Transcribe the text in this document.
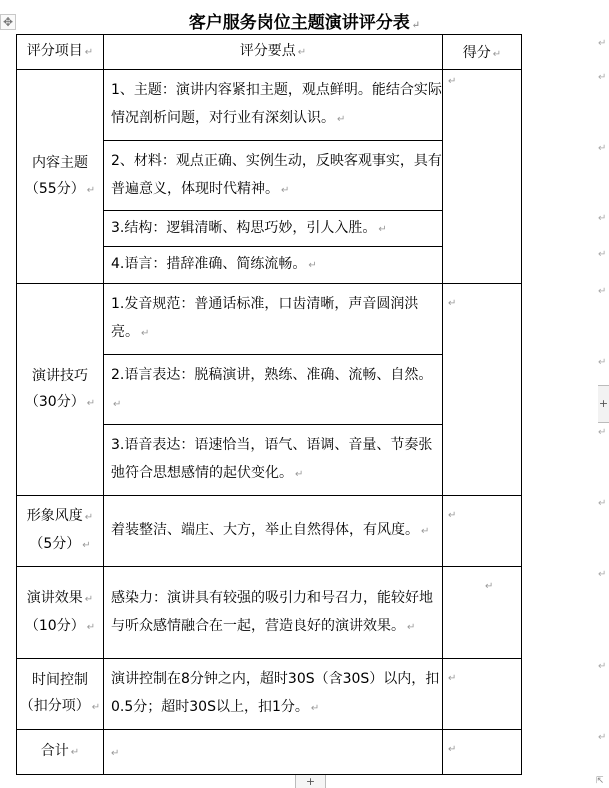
客户服务岗位主题演讲评分表 ↵
✥
评分项目 ↵	评分要点 ↵	得分 ↵

内容主题
（55分） ↵	1、主题：演讲内容紧扣主题，观点鲜明。能结合实际情况剖析问题，对行业有深刻认识。 ↵	↵

	2、材料：观点正确、实例生动，反映客观事实，具有普遍意义，体现时代精神。 ↵	
	3.结构：逻辑清晰、构思巧妙，引人入胜。 ↵	
	4.语言：措辞准确、简练流畅。 ↵	

演讲技巧
（30分） ↵	1.发音规范：普通话标准，口齿清晰，声音圆润洪亮。 ↵	↵

	2.语言表达：脱稿演讲，熟练、准确、流畅、自然。↵	
	3.语音表达：语速恰当，语气、语调、音量、节奏张弛符合思想感情的起伏变化。 ↵	

形象风度 ↵
（5分） ↵	着装整洁、端庄、大方，举止自然得体，有风度。 ↵	↵

演讲效果 ↵
（10分） ↵	感染力：演讲具有较强的吸引力和号召力，能较好地与听众感情融合在一起，营造良好的演讲效果。 ↵	↵

时间控制
（扣分项） ↵	演讲控制在8分钟之内，超时30S（含30S）以内，扣0.5分；超时30S以上，扣1分。 ↵	↵

合计 ↵	↵	↵
↵
↵
↵
↵
↵
↵
↵
↵
↵
↵
↵
↵
+
+	⇱
